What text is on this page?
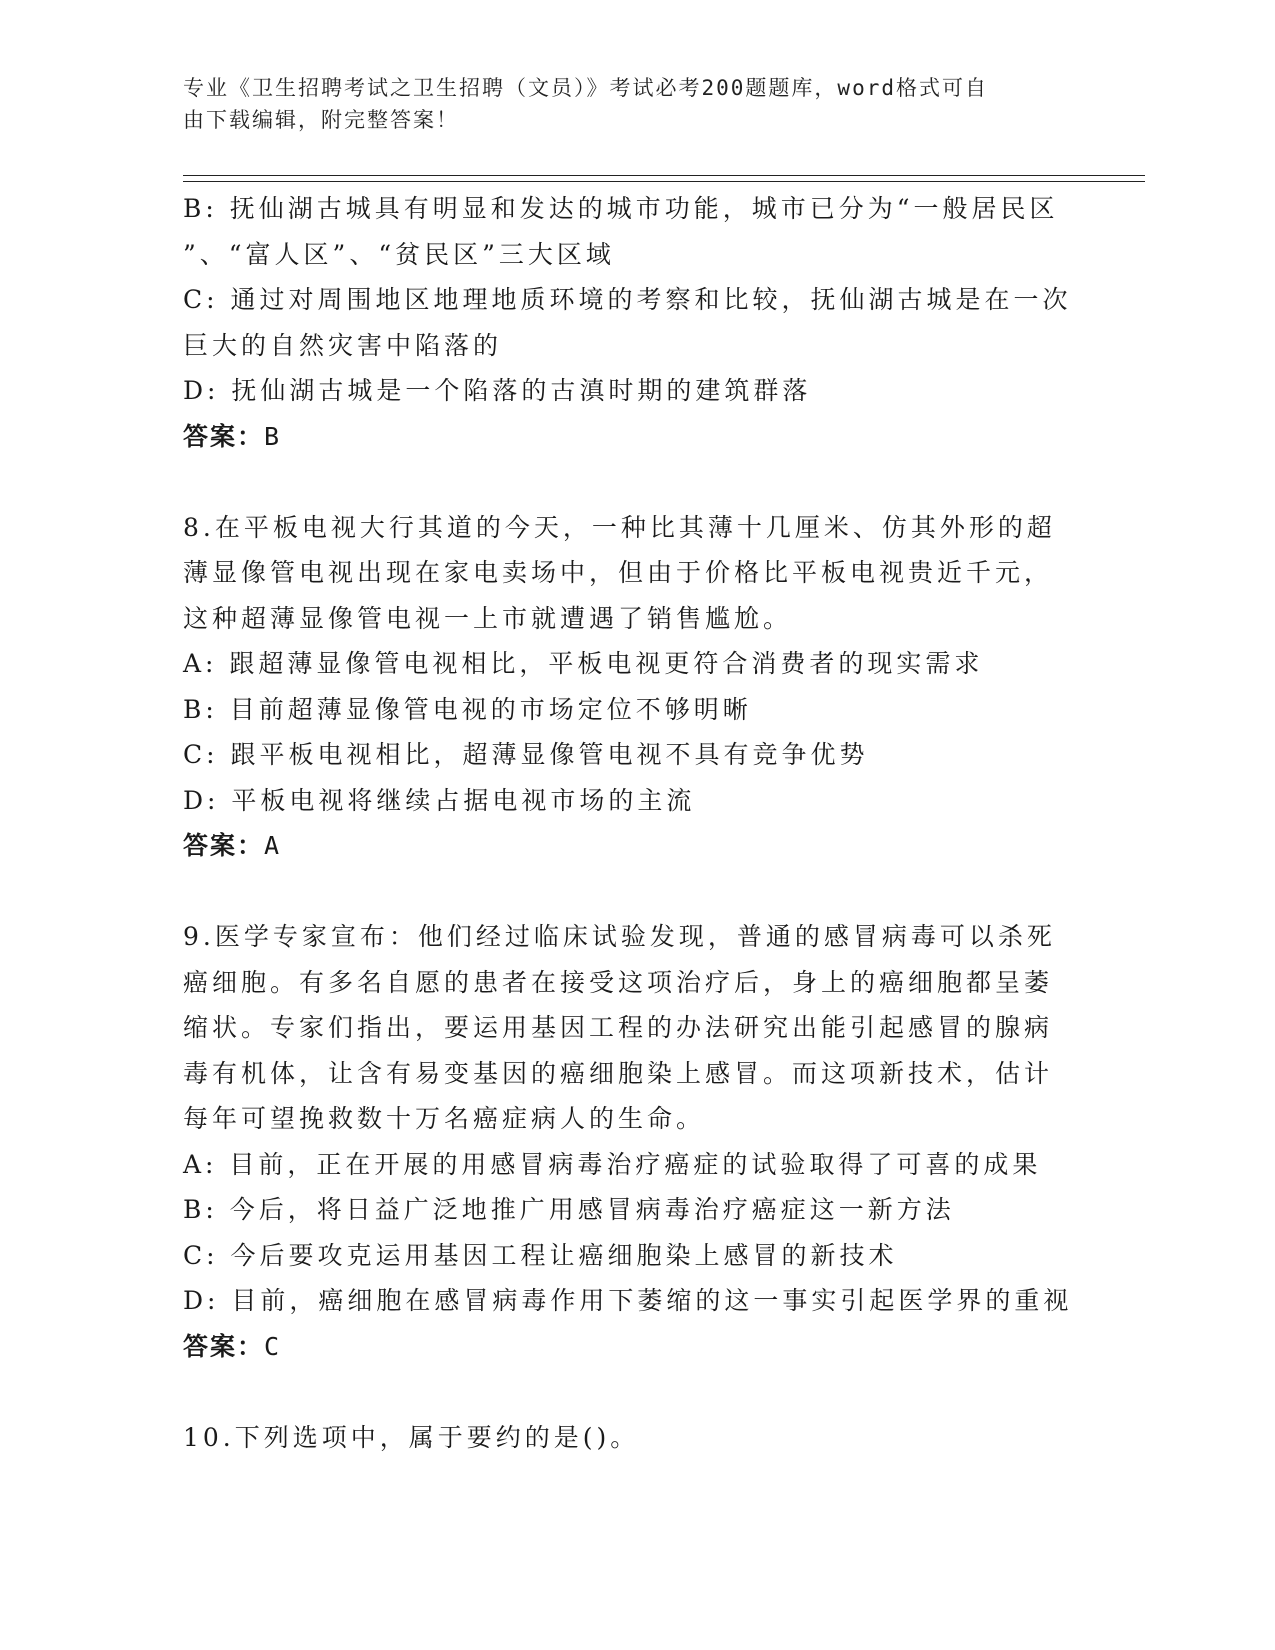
专业《卫生招聘考试之卫生招聘（文员）》考试必考200题题库，word格式可自
由下载编辑，附完整答案！
B: 抚仙湖古城具有明显和发达的城市功能，城市已分为“一般居民区
”、“富人区”、“贫民区”三大区域
C: 通过对周围地区地理地质环境的考察和比较，抚仙湖古城是在一次
巨大的自然灾害中陷落的
D: 抚仙湖古城是一个陷落的古滇时期的建筑群落
答案：B
8.在平板电视大行其道的今天，一种比其薄十几厘米、仿其外形的超
薄显像管电视出现在家电卖场中，但由于价格比平板电视贵近千元，
这种超薄显像管电视一上市就遭遇了销售尴尬。
A: 跟超薄显像管电视相比，平板电视更符合消费者的现实需求
B: 目前超薄显像管电视的市场定位不够明晰
C: 跟平板电视相比，超薄显像管电视不具有竞争优势
D: 平板电视将继续占据电视市场的主流
答案：A
9.医学专家宣布：他们经过临床试验发现，普通的感冒病毒可以杀死
癌细胞。有多名自愿的患者在接受这项治疗后，身上的癌细胞都呈萎
缩状。专家们指出，要运用基因工程的办法研究出能引起感冒的腺病
毒有机体，让含有易变基因的癌细胞染上感冒。而这项新技术，估计
每年可望挽救数十万名癌症病人的生命。
A: 目前，正在开展的用感冒病毒治疗癌症的试验取得了可喜的成果
B: 今后，将日益广泛地推广用感冒病毒治疗癌症这一新方法
C: 今后要攻克运用基因工程让癌细胞染上感冒的新技术
D: 目前，癌细胞在感冒病毒作用下萎缩的这一事实引起医学界的重视
答案：C
10.下列选项中，属于要约的是()。
